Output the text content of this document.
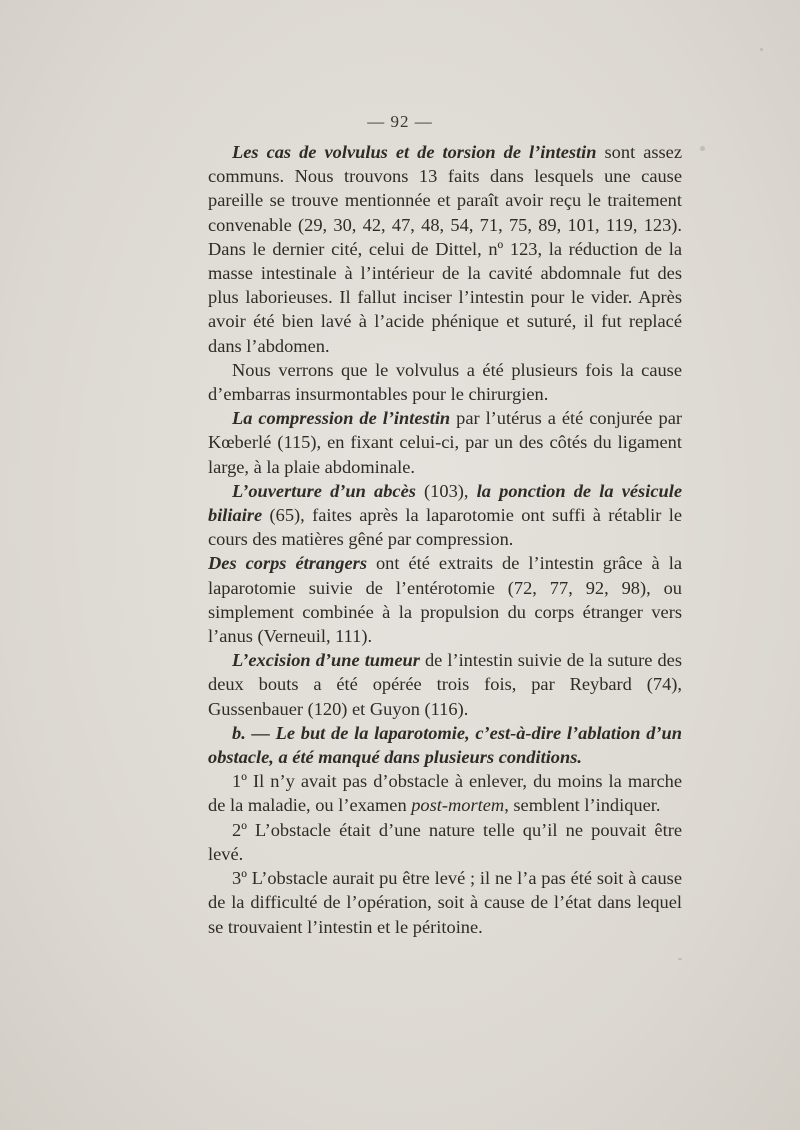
— 92 —

Les cas de volvulus et de torsion de l’intestin sont assez communs. Nous trouvons 13 faits dans lesquels une cause pareille se trouve mentionnée et paraît avoir reçu le traitement convenable (29, 30, 42, 47, 48, 54, 71, 75, 89, 101, 119, 123). Dans le dernier cité, celui de Dittel, nº 123, la réduction de la masse intestinale à l’intérieur de la cavité abdomnale fut des plus laborieuses. Il fallut inciser l’intestin pour le vider. Après avoir été bien lavé à l’acide phénique et suturé, il fut replacé dans l’abdomen.

Nous verrons que le volvulus a été plusieurs fois la cause d’embarras insurmontables pour le chirurgien.

La compression de l’intestin par l’utérus a été conjurée par Kœberlé (115), en fixant celui-ci, par un des côtés du ligament large, à la plaie abdominale.

L’ouverture d’un abcès (103), la ponction de la vésicule biliaire (65), faites après la laparotomie ont suffi à rétablir le cours des matières gêné par compression.

Des corps étrangers ont été extraits de l’intestin grâce à la laparotomie suivie de l’entérotomie (72, 77, 92, 98), ou simplement combinée à la propulsion du corps étranger vers l’anus (Verneuil, 111).

L’excision d’une tumeur de l’intestin suivie de la suture des deux bouts a été opérée trois fois, par Reybard (74), Gussenbauer (120) et Guyon (116).

b. — Le but de la laparotomie, c’est-à-dire l’ablation d’un obstacle, a été manqué dans plusieurs conditions.

1º Il n’y avait pas d’obstacle à enlever, du moins la marche de la maladie, ou l’examen post-mortem, semblent l’indiquer.

2º L’obstacle était d’une nature telle qu’il ne pouvait être levé.

3º L’obstacle aurait pu être levé ; il ne l’a pas été soit à cause de la difficulté de l’opération, soit à cause de l’état dans lequel se trouvaient l’intestin et le péritoine.
